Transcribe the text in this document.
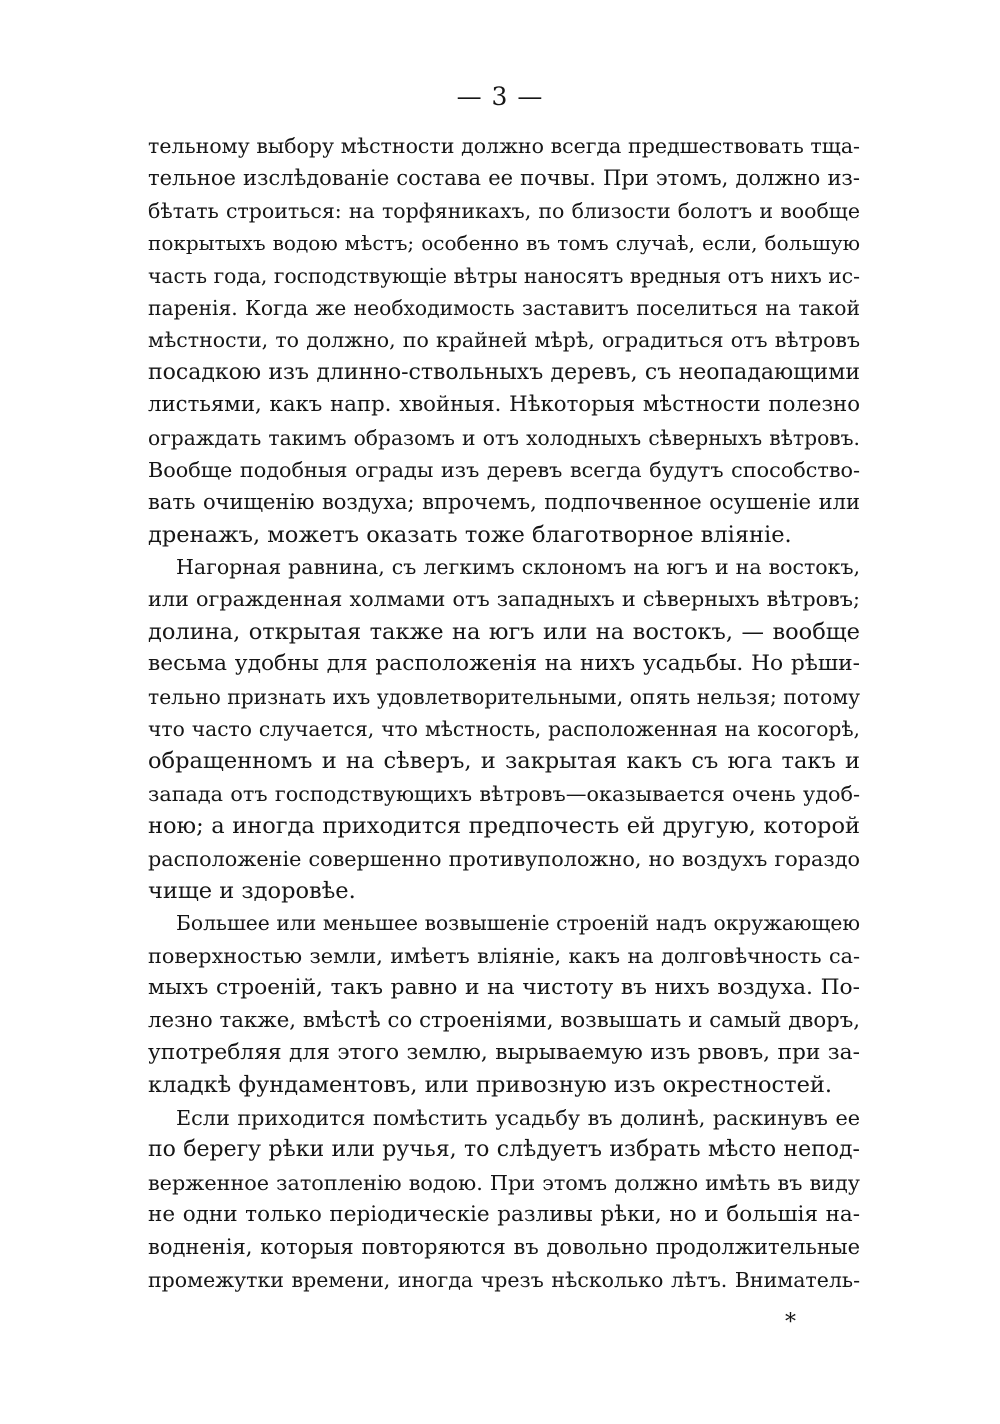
— 3 —
тельному выбору мѣстности должно всегда предшествовать тща-
тельное изслѣдованіе состава ее почвы. При этомъ, должно из-
бѣтать строиться: на торфяникахъ, по близости болотъ и вообще
покрытыхъ водою мѣстъ; особенно въ томъ случаѣ, если, большую
часть года, господствующіе вѣтры наносятъ вредныя отъ нихъ ис-
паренія. Когда же необходимость заставитъ поселиться на такой
мѣстности, то должно, по крайней мѣрѣ, оградиться отъ вѣтровъ
посадкою изъ длинно-ствольныхъ деревъ, съ неопадающими
листьями, какъ напр. хвойныя. Нѣкоторыя мѣстности полезно
ограждать такимъ образомъ и отъ холодныхъ сѣверныхъ вѣтровъ.
Вообще подобныя ограды изъ деревъ всегда будутъ способство-
вать очищенію воздуха; впрочемъ, подпочвенное осушеніе или
дренажъ, можетъ оказать тоже благотворное вліяніе.
Нагорная равнина, съ легкимъ склономъ на югъ и на востокъ,
или огражденная холмами отъ западныхъ и сѣверныхъ вѣтровъ;
долина, открытая также на югъ или на востокъ, — вообще
весьма удобны для расположенія на нихъ усадьбы. Но рѣши-
тельно признать ихъ удовлетворительными, опять нельзя; потому
что часто случается, что мѣстность, расположенная на косогорѣ,
обращенномъ и на сѣверъ, и закрытая какъ съ юга такъ и
запада отъ господствующихъ вѣтровъ—оказывается очень удоб-
ною; а иногда приходится предпочесть ей другую, которой
расположеніе совершенно противуположно, но воздухъ гораздо
чище и здоровѣе.
Большее или меньшее возвышеніе строеній надъ окружающею
поверхностью земли, имѣетъ вліяніе, какъ на долговѣчность са-
мыхъ строеній, такъ равно и на чистоту въ нихъ воздуха. По-
лезно также, вмѣстѣ со строеніями, возвышать и самый дворъ,
употребляя для этого землю, вырываемую изъ рвовъ, при за-
кладкѣ фундаментовъ, или привозную изъ окрестностей.
Если приходится помѣстить усадьбу въ долинѣ, раскинувъ ее
по берегу рѣки или ручья, то слѣдуетъ избрать мѣсто непод-
верженное затопленію водою. При этомъ должно имѣть въ виду
не одни только періодическіе разливы рѣки, но и большія на-
водненія, которыя повторяются въ довольно продолжительные
промежутки времени, иногда чрезъ нѣсколько лѣтъ. Вниматель-
*
